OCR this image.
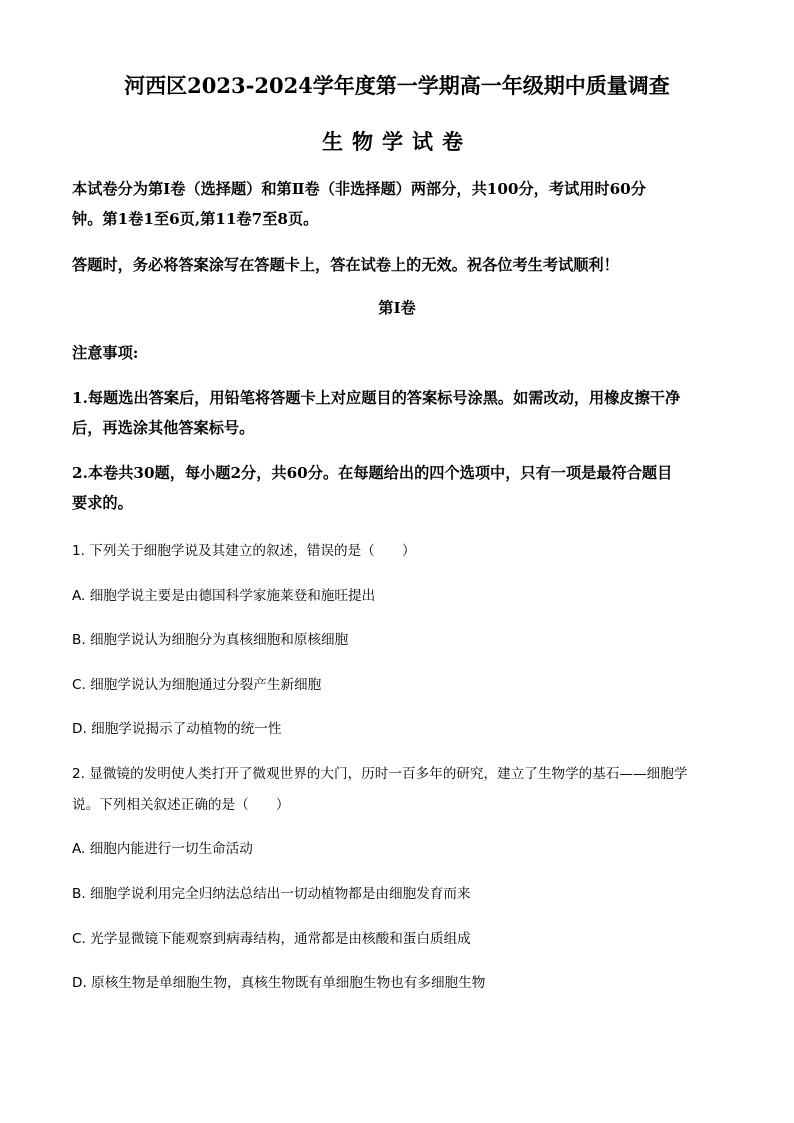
河西区2023-2024学年度第一学期高一年级期中质量调查
生物学试卷
本试卷分为第Ⅰ卷（选择题）和第Ⅱ卷（非选择题）两部分，共100分，考试用时60分
钟。第1卷1至6页,第11卷7至8页。
答题时，务必将答案涂写在答题卡上，答在试卷上的无效。祝各位考生考试顺利！
第Ⅰ卷
注意事项:
1.每题选出答案后，用铅笔将答题卡上对应题目的答案标号涂黑。如需改动，用橡皮擦干净
后，再选涂其他答案标号。
2.本卷共30题，每小题2分，共60分。在每题给出的四个选项中，只有一项是最符合题目
要求的。
1. 下列关于细胞学说及其建立的叙述，错误的是（　　）
A. 细胞学说主要是由德国科学家施莱登和施旺提出
B. 细胞学说认为细胞分为真核细胞和原核细胞
C. 细胞学说认为细胞通过分裂产生新细胞
D. 细胞学说揭示了动植物的统一性
2. 显微镜的发明使人类打开了微观世界的大门，历时一百多年的研究，建立了生物学的基石——细胞学
说。下列相关叙述正确的是（　　）
A. 细胞内能进行一切生命活动
B. 细胞学说利用完全归纳法总结出一切动植物都是由细胞发育而来
C. 光学显微镜下能观察到病毒结构，通常都是由核酸和蛋白质组成
D. 原核生物是单细胞生物，真核生物既有单细胞生物也有多细胞生物
